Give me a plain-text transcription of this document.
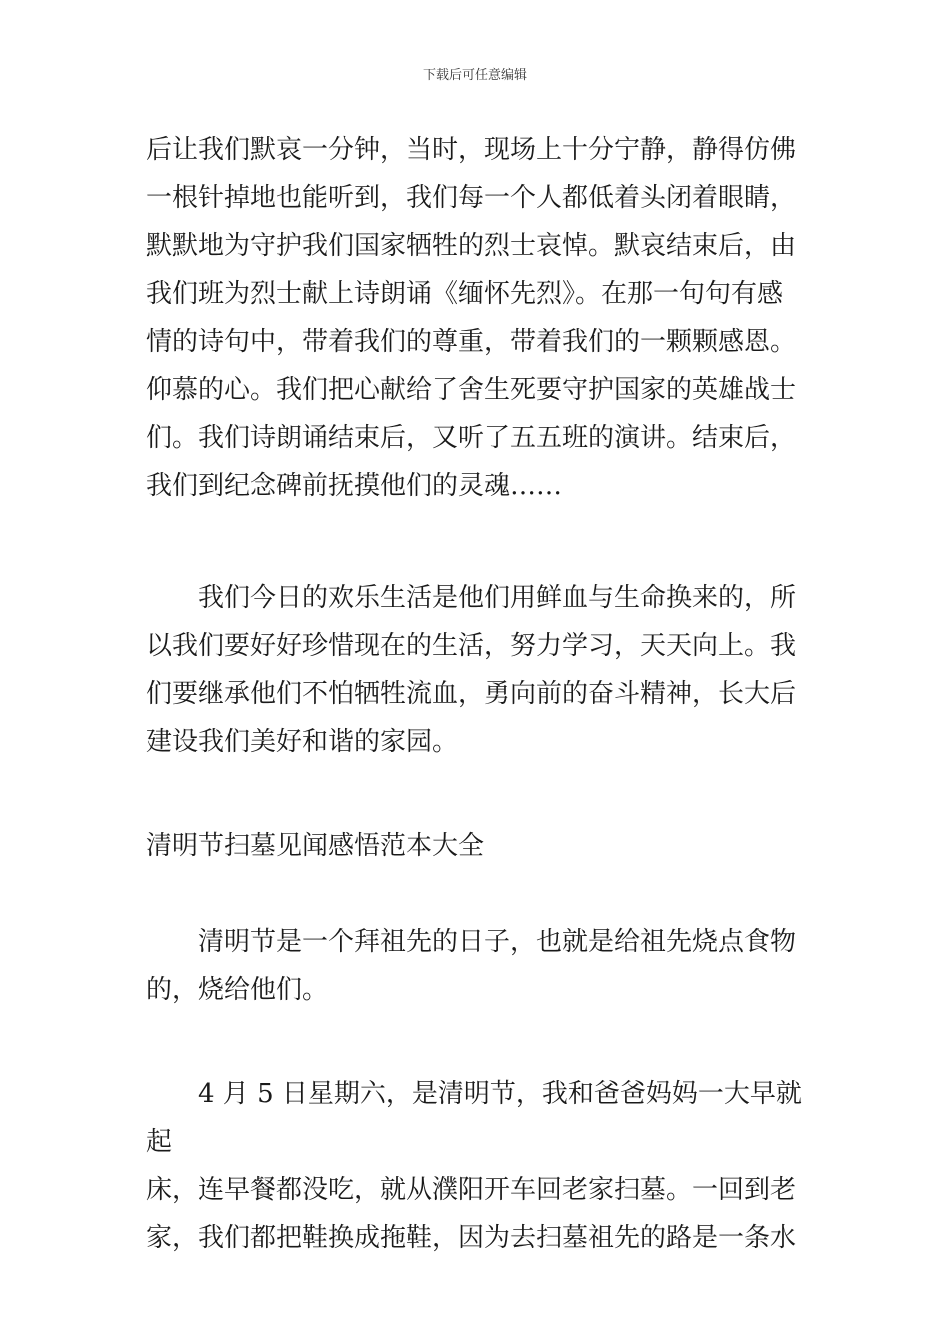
下载后可任意编辑

后让我们默哀一分钟，当时，现场上十分宁静，静得仿佛
一根针掉地也能听到，我们每一个人都低着头闭着眼睛，
默默地为守护我们国家牺牲的烈士哀悼。默哀结束后，由
我们班为烈士献上诗朗诵《缅怀先烈》。在那一句句有感
情的诗句中，带着我们的尊重，带着我们的一颗颗感恩。
仰慕的心。我们把心献给了舍生死要守护国家的英雄战士
们。我们诗朗诵结束后，又听了五五班的演讲。结束后，
我们到纪念碑前抚摸他们的灵魂……

我们今日的欢乐生活是他们用鲜血与生命换来的，所
以我们要好好珍惜现在的生活，努力学习，天天向上。我
们要继承他们不怕牺牲流血，勇向前的奋斗精神，长大后
建设我们美好和谐的家园。

清明节扫墓见闻感悟范本大全

清明节是一个拜祖先的日子，也就是给祖先烧点食物
的，烧给他们。

4 月 5 日星期六，是清明节，我和爸爸妈妈一大早就起
床，连早餐都没吃，就从濮阳开车回老家扫墓。一回到老
家，我们都把鞋换成拖鞋，因为去扫墓祖先的路是一条水
